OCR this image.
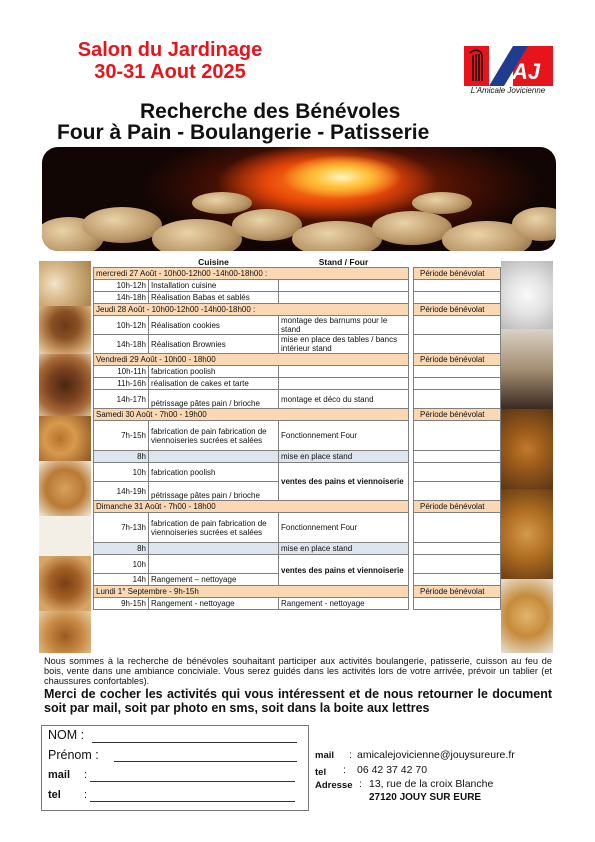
Salon du Jardinage
30-31 Aout 2025	AJ
L'Amicale Jovicienne
Recherche des Bénévoles
Four à Pain - Boulangerie - Patisserie
	Cuisine	Stand / Four		
mercredi 27 Août - 10h00-12h00 -14h00-18h00 :				Période bénévolat
10h-12h	Installation cuisine			
14h-18h	Réalisation Babas et sablés			
Jeudi 28 Août - 10h00-12h00 -14h00-18h00 :				Période bénévolat
10h-12h	Réalisation cookies	montage des barnums pour le stand		
14h-18h	Réalisation Brownies	mise en place des tables / bancs intérieur stand		
Vendredi 29 Août - 10h00 - 18h00				Période bénévolat
10h-11h	fabrication poolish			
11h-16h	réalisation de cakes et tarte			
14h-17h	pétrissage pâtes pain / brioche	montage et déco du stand		
Samedi 30 Août - 7h00 - 19h00				Période bénévolat
7h-15h	fabrication de pain fabrication de viennoiseries sucrées et salées	Fonctionnement Four		
8h		mise en place stand		
10h	fabrication poolish	ventes des pains et viennoiserie		
14h-19h	pétrissage pâtes pain / brioche			
Dimanche 31 Août - 7h00 - 18h00				Période bénévolat
7h-13h	fabrication de pain fabrication de viennoiseries sucrées et salées	Fonctionnement Four		
8h		mise en place stand		
10h		ventes des pains et viennoiserie		
14h	Rangement – nettoyage			
Lundi 1° Septembre - 9h-15h				Période bénévolat
9h-15h	Rangement - nettoyage	Rangement - nettoyage		
Nous sommes à la recherche de bénévoles souhaitant participer aux activités boulangerie, patisserie, cuisson au feu de bois, vente dans une ambiance conciviale. Vous serez guidés dans les activités lors de votre arrivée, prévoir un tablier (et chaussures confortables).
Merci de cocher les activités qui vous intéressent et de nous retourner le document soit par mail, soit par photo en sms, soit dans la boite aux lettres
NOM :
Prénom :
mail :
tel :
mail : amicalejovicienne@jouysureure.fr
tel : 06 42 37 42 70
Adresse : 13, rue de la croix Blanche
27120 JOUY SUR EURE
